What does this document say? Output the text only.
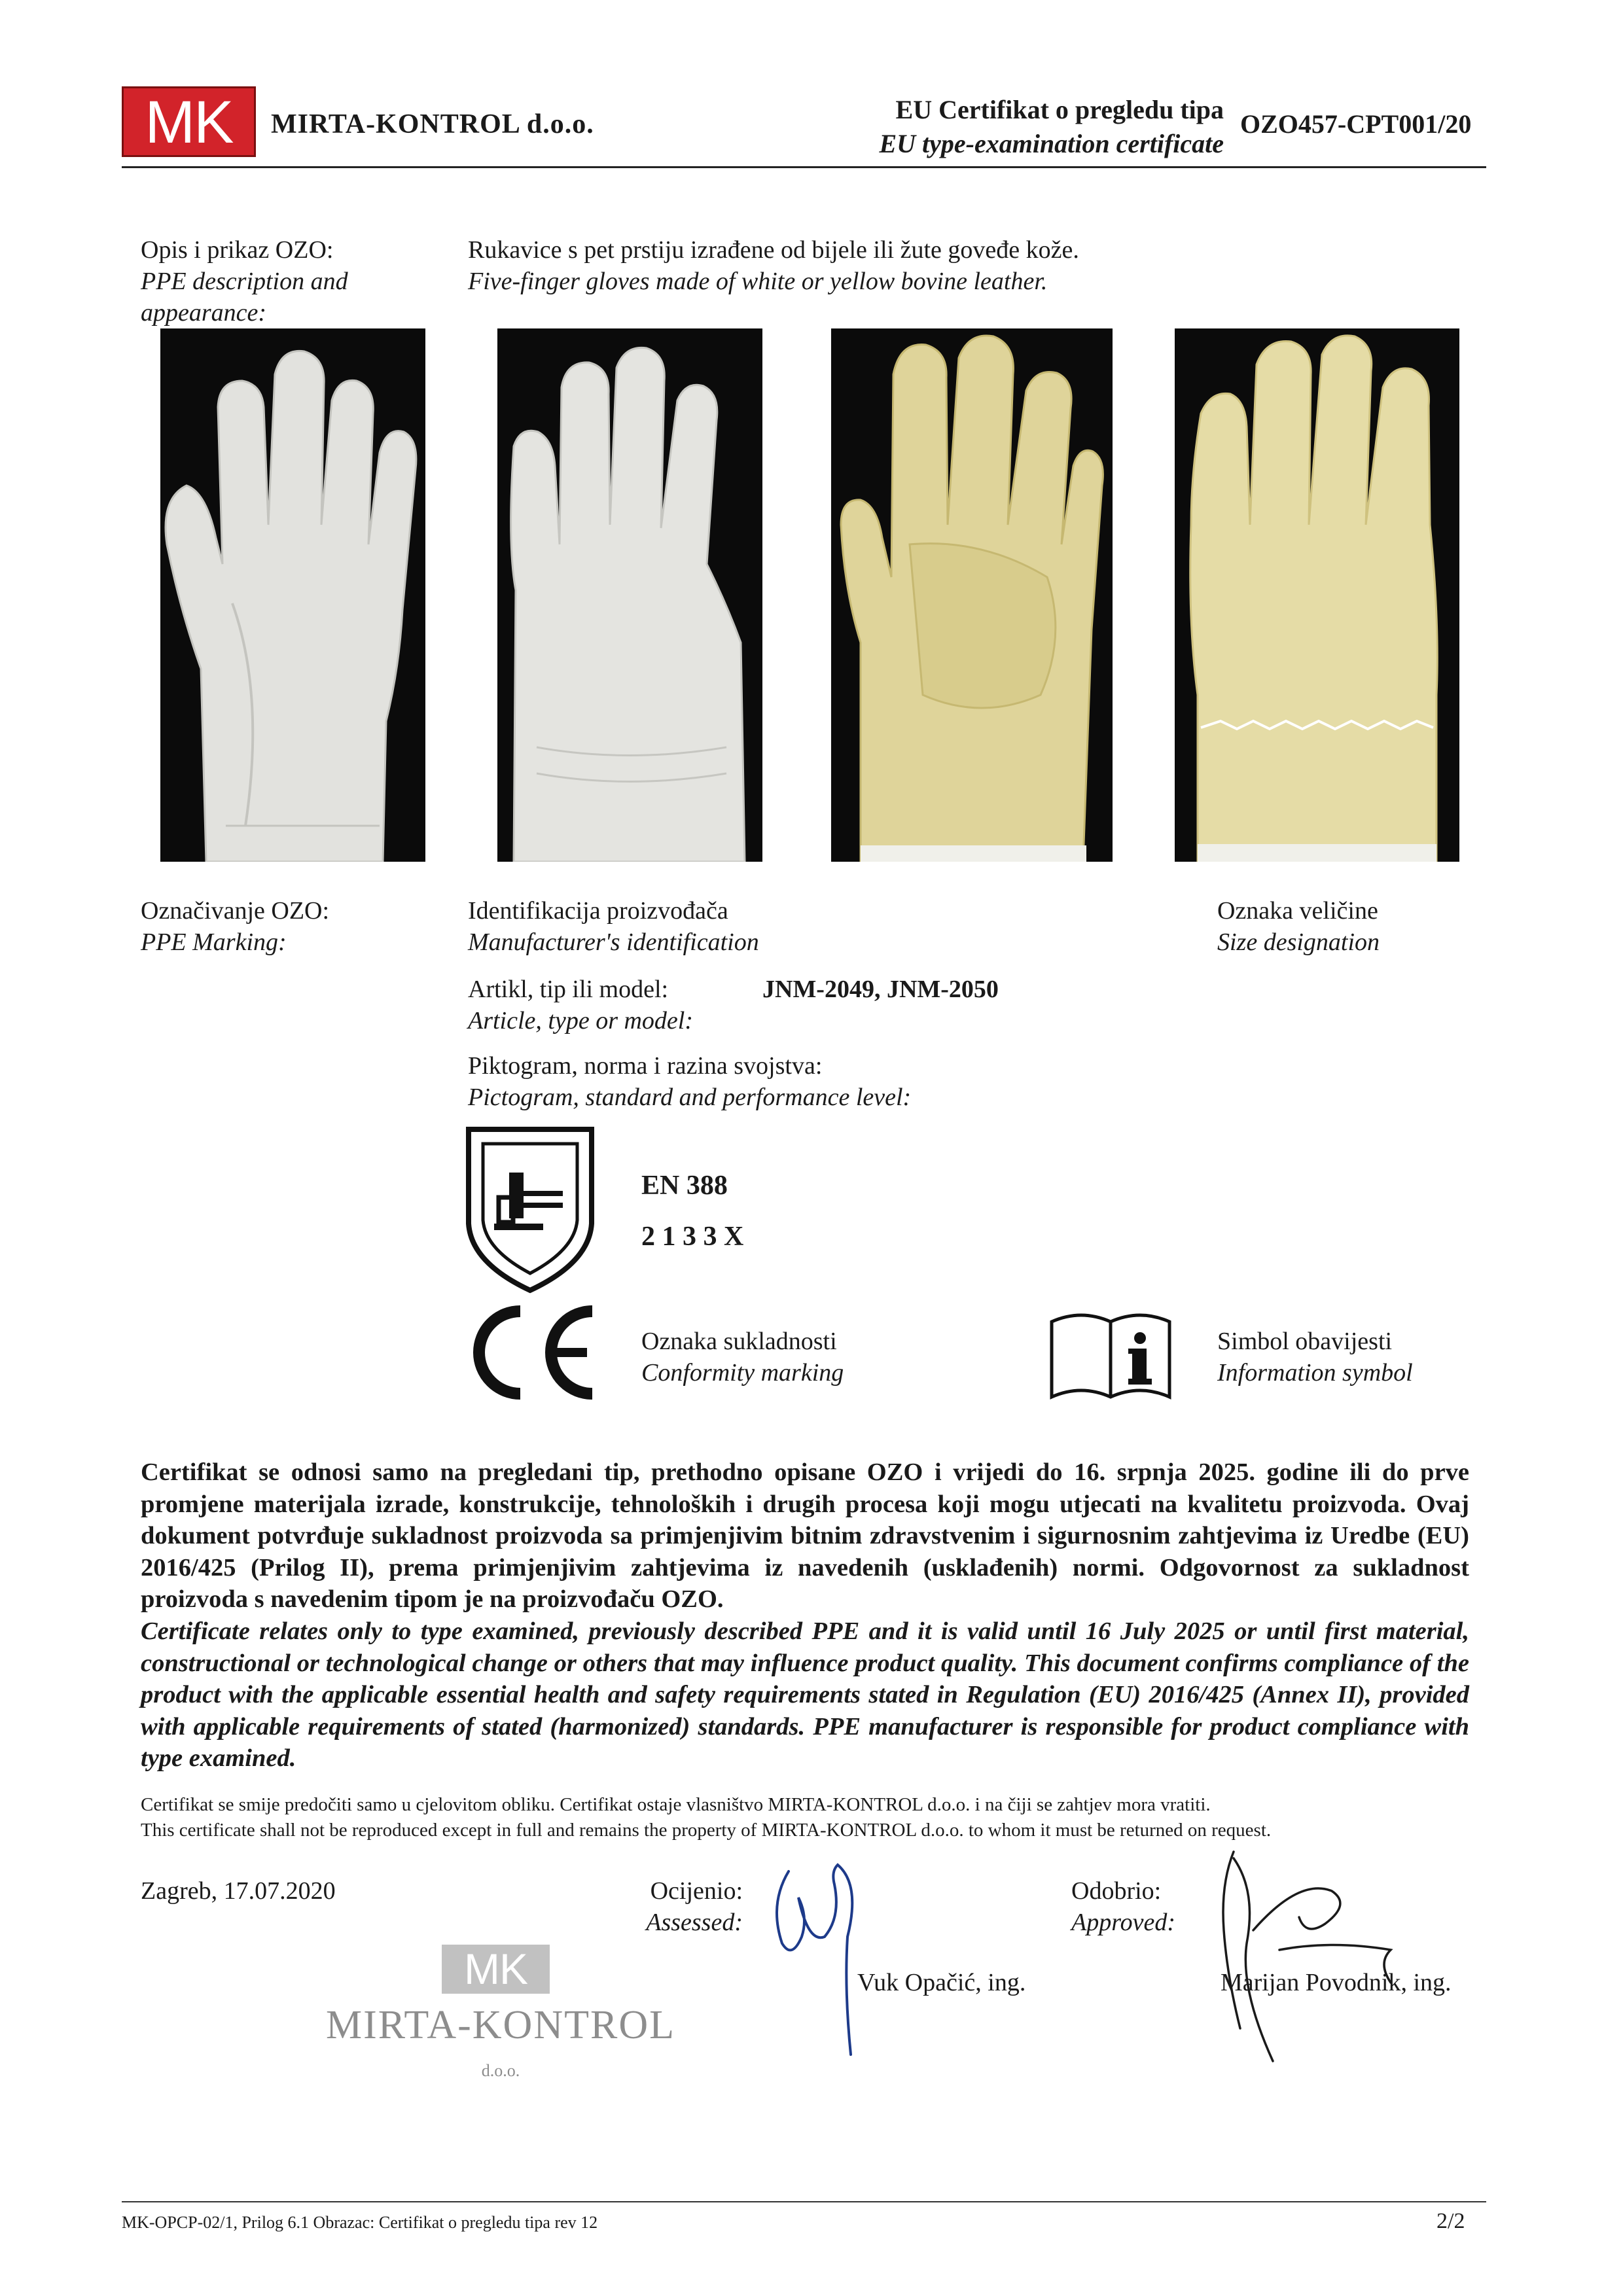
MK	MIRTA-KONTROL d.o.o.	EU Certifikat o pregledu tipa
EU type-examination certificate
OZO457-CPT001/20
Opis i prikaz OZO:
PPE description and
appearance:
Rukavice s pet prstiju izrađene od bijele ili žute goveđe kože.
Five-finger gloves made of white or yellow bovine leather.
Označivanje OZO:
PPE Marking:
Identifikacija proizvođača
Manufacturer's identification
Oznaka veličine
Size designation
Artikl, tip ili model:
Article, type or model:
JNM-2049, JNM-2050
Piktogram, norma i razina svojstva:
Pictogram, standard and performance level:
EN 388
2 1 3 3 X
Oznaka sukladnosti
Conformity marking
Simbol obavijesti
Information symbol
Certifikat se odnosi samo na pregledani tip, prethodno opisane OZO i vrijedi do 16. srpnja 2025. godine ili do prve promjene materijala izrade, konstrukcije, tehnoloških i drugih procesa koji mogu utjecati na kvalitetu proizvoda. Ovaj dokument potvrđuje sukladnost proizvoda sa primjenjivim bitnim zdravstvenim i sigurnosnim zahtjevima iz Uredbe (EU) 2016/425 (Prilog II), prema primjenjivim zahtjevima iz navedenih (usklađenih) normi. Odgovornost za sukladnost proizvoda s navedenim tipom je na proizvođaču OZO.
Certificate relates only to type examined, previously described PPE and it is valid until 16 July 2025 or until first material, constructional or technological change or others that may influence product quality. This document confirms compliance of the product with the applicable essential health and safety requirements stated in Regulation (EU) 2016/425 (Annex II), provided with applicable requirements of stated (harmonized) standards. PPE manufacturer is responsible for product compliance with type examined.
Certifikat se smije predočiti samo u cjelovitom obliku. Certifikat ostaje vlasništvo MIRTA-KONTROL d.o.o. i na čiji se zahtjev mora vratiti.
This certificate shall not be reproduced except in full and remains the property of MIRTA-KONTROL d.o.o. to whom it must be returned on request.
Zagreb, 17.07.2020	Ocijenio:
Assessed:
Odobrio:
Approved:
Vuk Opačić, ing.	Marijan Povodnik, ing.
MK
MIRTA-KONTROL
d.o.o.
MK-OPCP-02/1, Prilog 6.1 Obrazac: Certifikat o pregledu tipa rev 12	2/2
